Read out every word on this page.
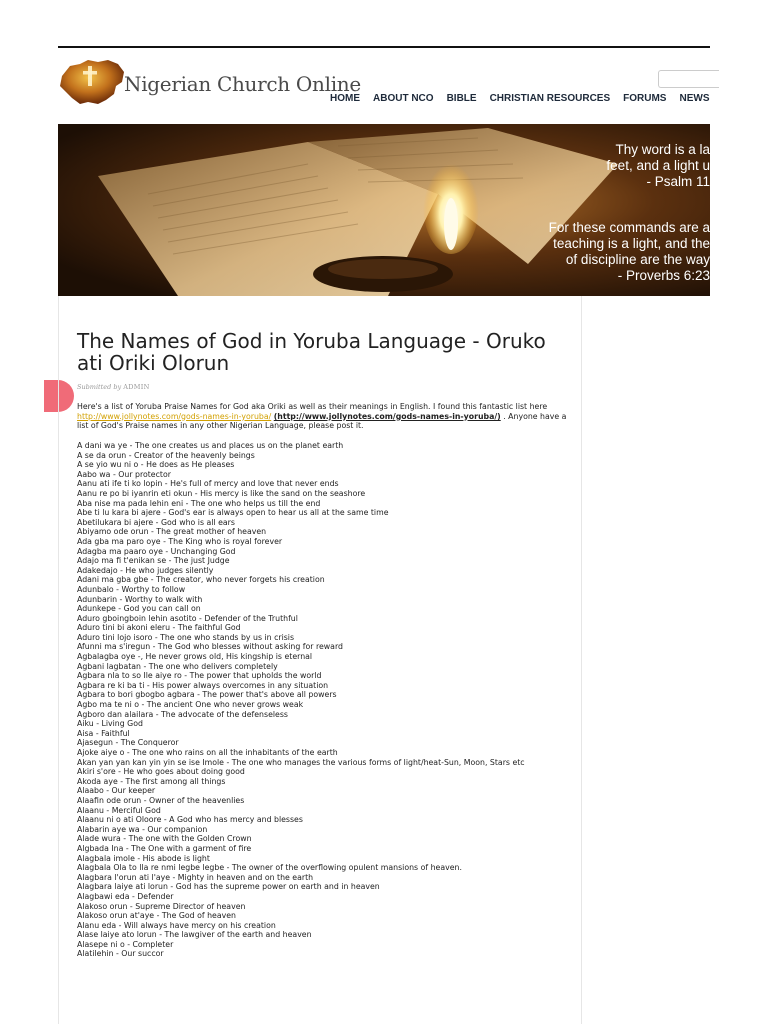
Nigerian Church Online
HOME ABOUT NCO BIBLE CHRISTIAN RESOURCES FORUMS NEWS
Thy word is a la
feet, and a light u
- Psalm 11
For these commands are a
teaching is a light, and the
of discipline are the way
- Proverbs 6:23
The Names of God in Yoruba Language - Oruko ati Oriki Olorun
Submitted by ADMIN
Here's a list of Yoruba Praise Names for God aka Oriki as well as their meanings in English. I found this fantastic list here http://www.jollynotes.com/gods-names-in-yoruba/ (http://www.jollynotes.com/gods-names-in-yoruba/) . Anyone have a list of God's Praise names in any other Nigerian Language, please post it.
A dani wa ye - The one creates us and places us on the planet earth
A se da orun - Creator of the heavenly beings
A se yio wu ni o - He does as He pleases
Aabo wa - Our protector
Aanu ati ife ti ko lopin - He's full of mercy and love that never ends
Aanu re po bi iyanrin eti okun - His mercy is like the sand on the seashore
Aba nise ma pada lehin eni - The one who helps us till the end
Abe ti lu kara bi ajere - God's ear is always open to hear us all at the same time
Abetilukara bi ajere - God who is all ears
Abiyamo ode orun - The great mother of heaven
Ada gba ma paro oye - The King who is royal forever
Adagba ma paaro oye - Unchanging God
Adajo ma fi t'enikan se - The just Judge
Adakedajo - He who judges silently
Adani ma gba gbe - The creator, who never forgets his creation
Adunbalo - Worthy to follow
Adunbarin - Worthy to walk with
Adunkepe - God you can call on
Aduro gboingboin lehin asotito - Defender of the Truthful
Aduro tini bi akoni eleru - The faithful God
Aduro tini lojo isoro - The one who stands by us in crisis
Afunni ma s'iregun - The God who blesses without asking for reward
Agbalagba oye -, He never grows old, His kingship is eternal
Agbani lagbatan - The one who delivers completely
Agbara nla to so Ile aiye ro - The power that upholds the world
Agbara re ki ba ti - His power always overcomes in any situation
Agbara to bori gbogbo agbara - The power that's above all powers
Agbo ma te ni o - The ancient One who never grows weak
Agboro dan alailara - The advocate of the defenseless
Aiku - Living God
Aisa - Faithful
Ajasegun - The Conqueror
Ajoke aiye o - The one who rains on all the inhabitants of the earth
Akan yan yan kan yin yin se ise Imole - The one who manages the various forms of light/heat-Sun, Moon, Stars etc
Akiri s'ore - He who goes about doing good
Akoda aye - The first among all things
Alaabo - Our keeper
Alaafin ode orun - Owner of the heavenlies
Alaanu - Merciful God
Alaanu ni o ati Oloore - A God who has mercy and blesses
Alabarin aye wa - Our companion
Alade wura - The one with the Golden Crown
Algbada Ina - The One with a garment of fire
Alagbala imole - His abode is light
Alagbala Ola to lla re nmi legbe legbe - The owner of the overflowing opulent mansions of heaven.
Alagbara l'orun ati l'aye - Mighty in heaven and on the earth
Alagbara laiye ati lorun - God has the supreme power on earth and in heaven
Alagbawi eda - Defender
Alakoso orun - Supreme Director of heaven
Alakoso orun at'aye - The God of heaven
Alanu eda - Will always have mercy on his creation
Alase laiye ato lorun - The lawgiver of the earth and heaven
Alasepe ni o - Completer
Alatilehin - Our succor
